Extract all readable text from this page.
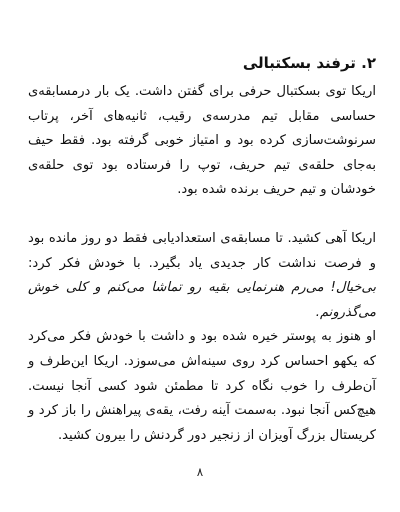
۲. ترفند بسکتبالی

اریکا توی بسکتبال حرفی برای گفتن داشت. یک بار درمسابقه‌ی حساسی مقابل تیم مدرسه‌ی رقیب، ثانیه‌های آخر، پرتاب سرنوشت‌سازی کرده بود و امتیاز خوبی گرفته بود. فقط حیف به‌جای حلقه‌ی تیم حریف، توپ را فرستاده بود توی حلقه‌ی خودشان و تیم حریف برنده شده بود.

اریکا آهی کشید. تا مسابقه‌ی استعدادیابی فقط دو روز مانده بود و فرصت نداشت کار جدیدی یاد بگیرد. با خودش فکر کرد: بی‌خیال! می‌رم هنرنمایی بقیه رو تماشا می‌کنم و کلی خوش می‌گذرونم.

او هنوز به پوستر خیره شده بود و داشت با خودش فکر می‌کرد که یکهو احساس کرد روی سینه‌اش می‌سوزد. اریکا این‌طرف و آن‌طرف را خوب نگاه کرد تا مطمئن شود کسی آنجا نیست. هیچ‌کس آنجا نبود. به‌سمت آینه رفت، یقه‌ی پیراهنش را باز کرد و کریستال بزرگ آویزان از زنجیر دور گردنش را بیرون کشید.

۸
